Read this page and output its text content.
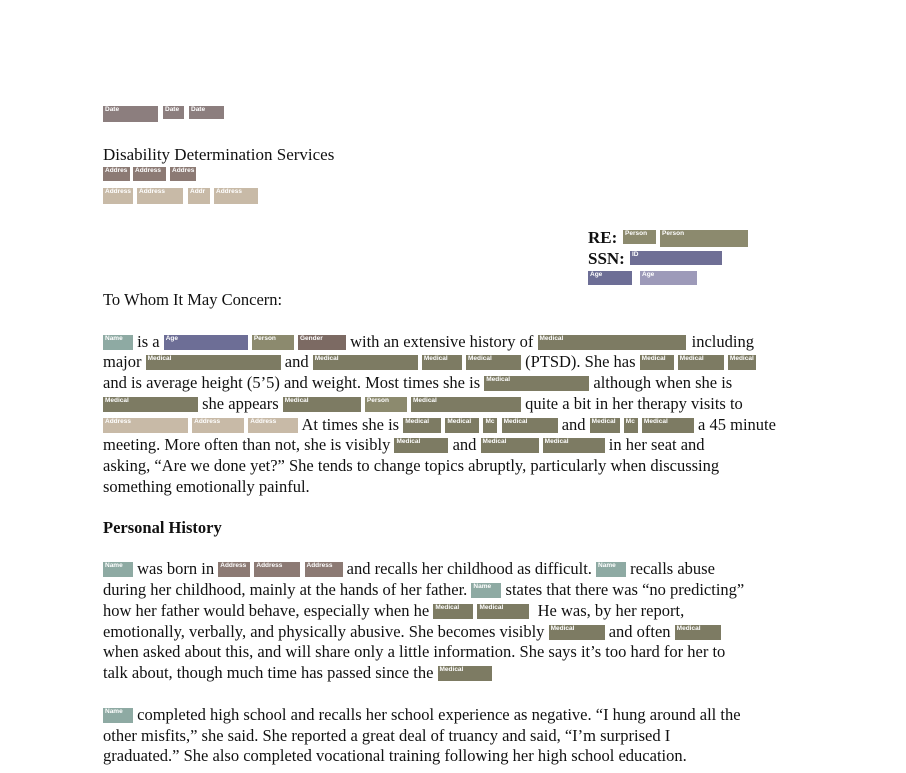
Date	Date Date
Disability Determination Services
Addres Address Addres
Address Address	Addr Address
RE: Person Person
SSN: ID
Age	Age
To Whom It May Concern:
Name is a Age
	Person
	Gender with an extensive history of Medical	including
major Medical	and Medical
	Medical
	Medical (PTSD). She has Medical
Medical
	Medical
and is average height (5’5) and weight. Most times she is Medical	although when she is
Medical	she appears Medical
	Person
	Medical	quite a bit in her therapy visits to
Address
	Address
	Address At times she is Medical
	Medical
Mc
Medical and Medical
Mc
Medical a 45 minute
meeting. More often than not, she is visibly Medical and Medical
	Medical in her seat and
asking, “Are we done yet?” She tends to change topics abruptly, particularly when discussing
something emotionally painful.
Personal History
Name was born in Address
Address
	Address and recalls her childhood as difficult. Name recalls abuse
during her childhood, mainly at the hands of her father. Name states that there was “no predicting”
how her father would behave, especially when he Medical
	Medical He was, by her report,
emotionally, verbally, and physically abusive. She becomes visibly Medical and often Medical
when asked about this, and will share only a little information. She says it’s too hard for her to
talk about, though much time has passed since the Medical
Name completed high school and recalls her school experience as negative. “I hung around all the
other misfits,” she said. She reported a great deal of truancy and said, “I’m surprised I
graduated.” She also completed vocational training following her high school education.
